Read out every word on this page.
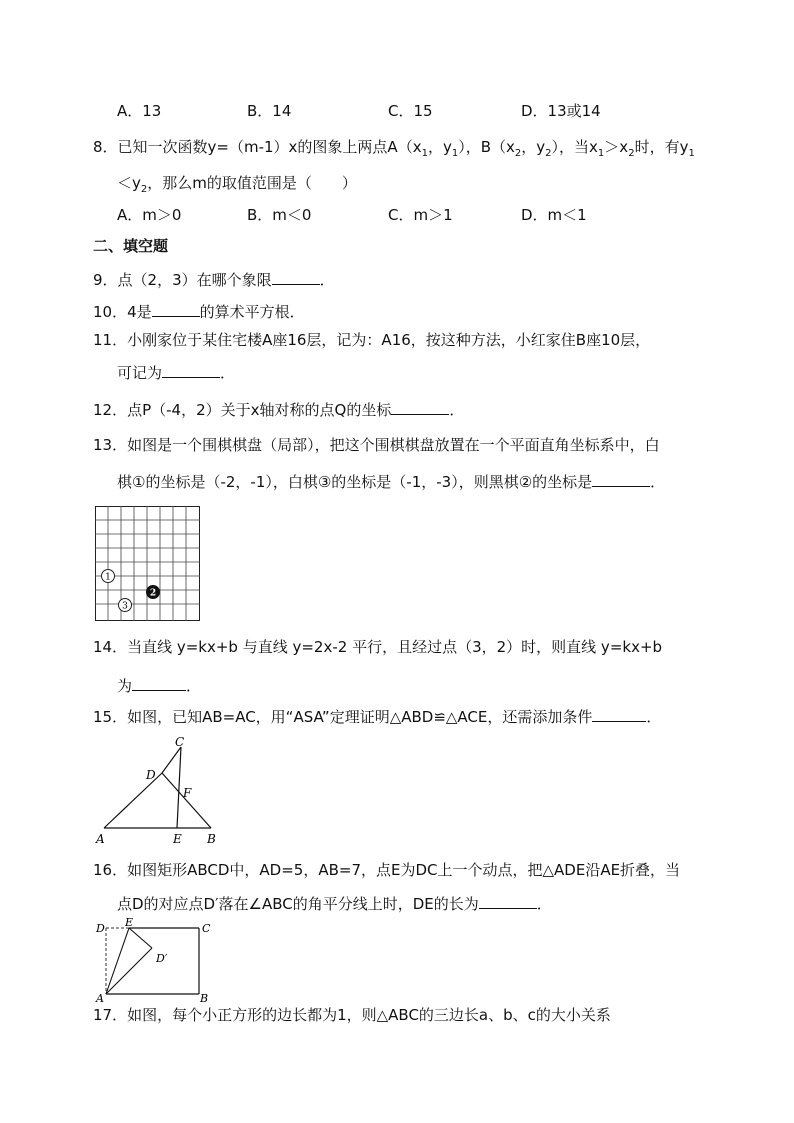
A．13	B．14	C．15	D．13或14
8．已知一次函数y=（m-1）x的图象上两点$A(x_1$，$y_1$），$B(x_2$，$y_2$），当$x_1>x_2$时，有$y_1$
$<y_2$，那么m的取值范围是（　　）
A．m＞0	B．m＜0	C．m＞1	D．m＜1
二、填空题
9．点（2，3）在哪个象限	．
10．4是	的算术平方根．
11．小刚家位于某住宅楼A座16层，记为：A16，按这种方法，小红家住B座10层，
可记为	．
12．点P（-4，2）关于x轴对称的点Q的坐标	．
13．如图是一个围棋棋盘（局部），把这个围棋棋盘放置在一个平面直角坐标系中，白
棋①的坐标是（-2，-1），白棋③的坐标是（-1，-3），则黑棋②的坐标是	．
1
2
3
14．当直线 y=kx+b 与直线 y=2x-2 平行，且经过点（3，2）时，则直线 y=kx+b
为	．
15．如图，已知AB=AC，用“ASA”定理证明△ABD≌△ACE，还需添加条件	．
A	B
C
D
E
F
16．如图矩形ABCD中，AD=5，AB=7，点E为DC上一个动点，把△ADE沿AE折叠，当
点D的对应点D′落在∠ABC的角平分线上时，DE的长为	．
D E	C
A	B
D′
17．如图，每个小正方形的边长都为1，则△ABC的三边长a、b、c的大小关系
